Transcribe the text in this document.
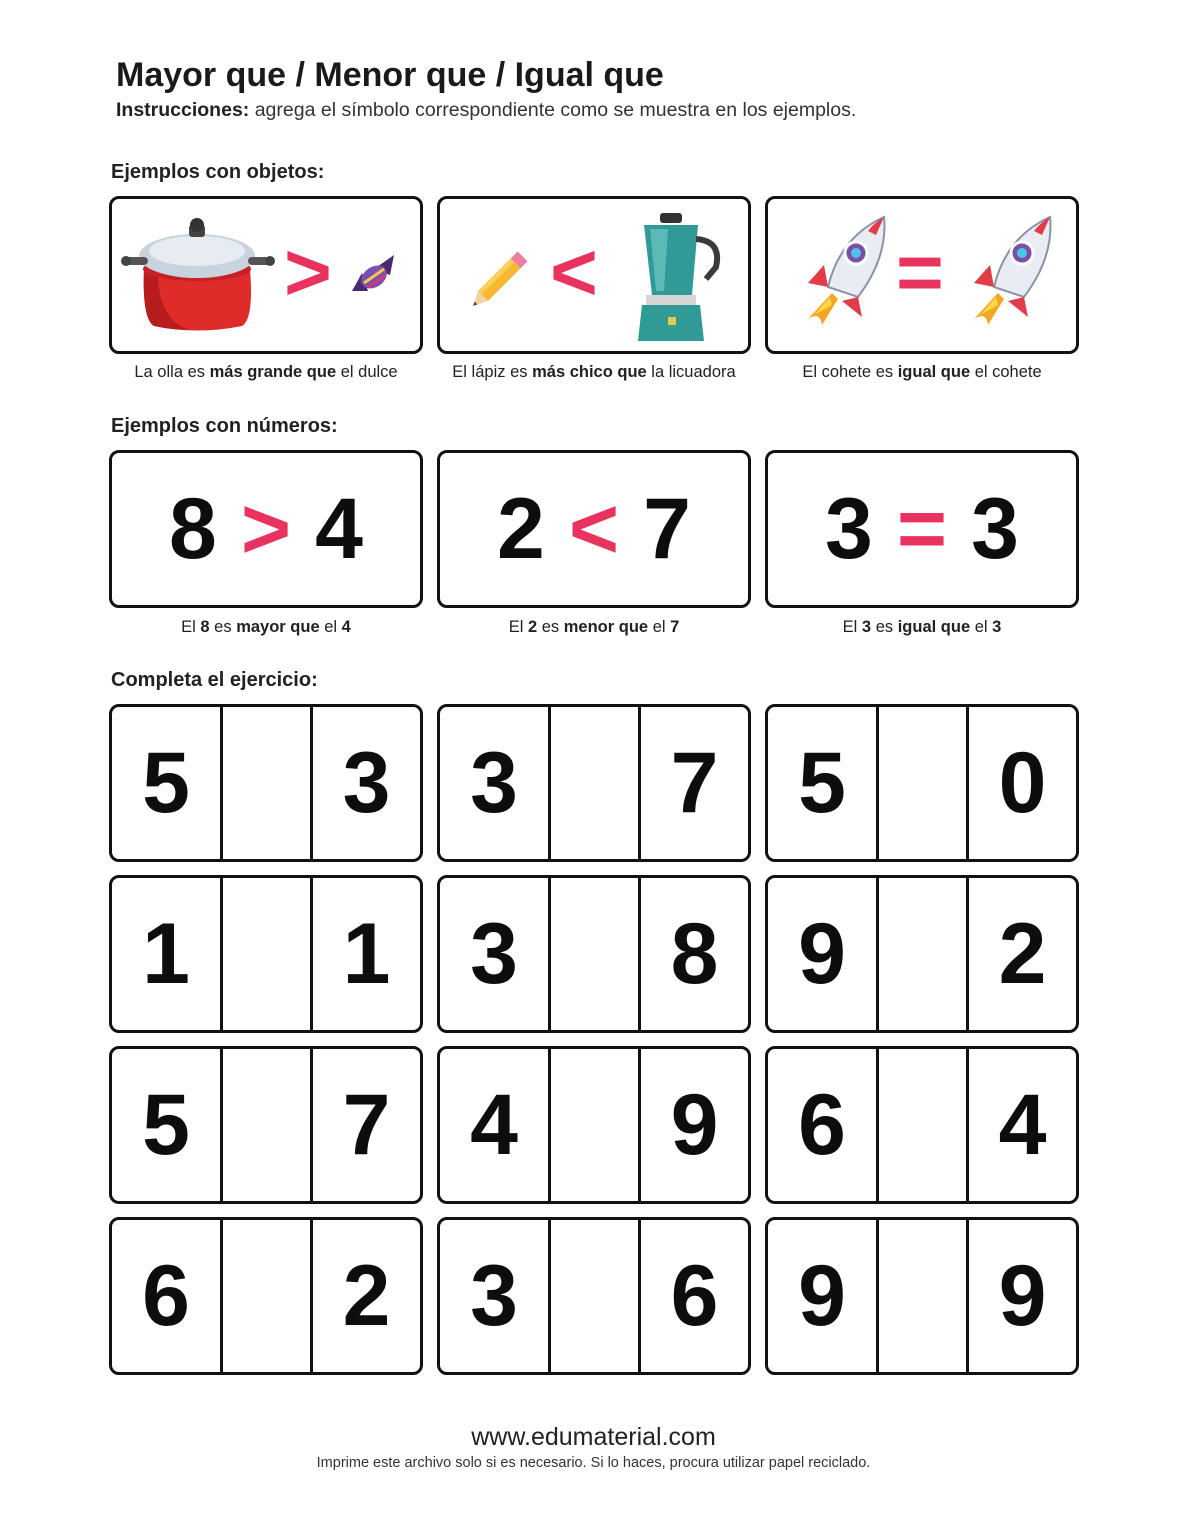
Mayor que / Menor que / Igual que
Instrucciones: agrega el símbolo correspondiente como se muestra en los ejemplos.
Ejemplos con objetos:
>
La olla es más grande que el dulce
<
El lápiz es más chico que la licuadora
=
El cohete es igual que el cohete
Ejemplos con números:
8 > 4 2 < 7 3 = 3
El 8 es mayor que el 4	El 2 es menor que el 7	El 3 es igual que el 3
Completa el ejercicio:
5	3 3	7 5	0
1	1 3	8 9	2
5	7 4	9 6	4
6	2 3	6 9	9
www.edumaterial.com
Imprime este archivo solo si es necesario. Si lo haces, procura utilizar papel reciclado.
